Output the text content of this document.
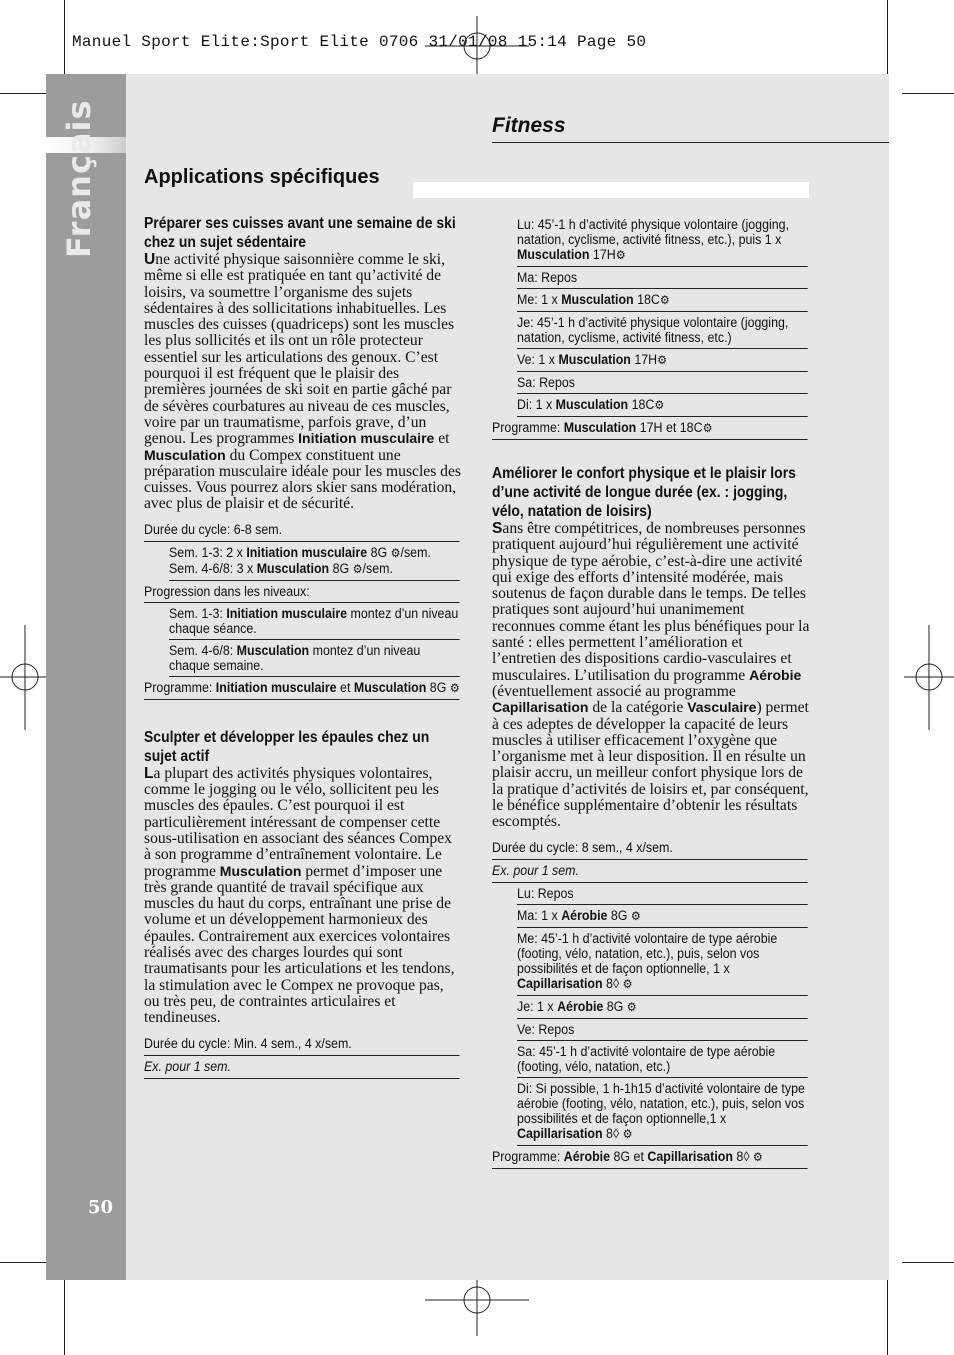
Manuel Sport Elite:Sport Elite 0706 31/01/08 15:14 Page 50
Français
50
Fitness
Applications spécifiques
Préparer ses cuisses avant une semaine de ski chez un sujet sédentaire

Une activité physique saisonnière comme le ski, même si elle est pratiquée en tant qu’activité de loisirs, va soumettre l’organisme des sujets sédentaires à des sollicitations inhabituelles. Les muscles des cuisses (quadriceps) sont les muscles les plus sollicités et ils ont un rôle protecteur essentiel sur les articulations des genoux. C’est pourquoi il est fréquent que le plaisir des premières journées de ski soit en partie gâché par de sévères courbatures au niveau de ces muscles, voire par un traumatisme, parfois grave, d’un genou. Les programmes Initiation musculaire et Musculation du Compex constituent une préparation musculaire idéale pour les muscles des cuisses. Vous pourrez alors skier sans modération, avec plus de plaisir et de sécurité.

Durée du cycle: 6-8 sem.
Sem. 1-3: 2 x Initiation musculaire 8G ⚙/sem.
Sem. 4-6/8: 3 x Musculation 8G ⚙/sem.
Progression dans les niveaux:
Sem. 1-3: Initiation musculaire montez d’un niveau chaque séance.
Sem. 4-6/8: Musculation montez d’un niveau chaque semaine.
Programme: Initiation musculaire et Musculation 8G ⚙
Sculpter et développer les épaules chez un sujet actif

La plupart des activités physiques volontaires, comme le jogging ou le vélo, sollicitent peu les muscles des épaules. C’est pourquoi il est particulièrement intéressant de compenser cette sous-utilisation en associant des séances Compex à son programme d’entraînement volontaire. Le programme Musculation permet d’imposer une très grande quantité de travail spécifique aux muscles du haut du corps, entraînant une prise de volume et un développement harmonieux des épaules. Contrairement aux exercices volontaires réalisés avec des charges lourdes qui sont traumatisants pour les articulations et les tendons, la stimulation avec le Compex ne provoque pas, ou très peu, de contraintes articulaires et tendineuses.

Durée du cycle: Min. 4 sem., 4 x/sem.
Ex. pour 1 sem.
Lu: 45’-1 h d’activité physique volontaire (jogging, natation, cyclisme, activité fitness, etc.), puis 1 x Musculation 17H⚙
Ma: Repos
Me: 1 x Musculation 18C⚙
Je: 45’-1 h d’activité physique volontaire (jogging, natation, cyclisme, activité fitness, etc.)
Ve: 1 x Musculation 17H⚙
Sa: Repos
Di: 1 x Musculation 18C⚙
Programme: Musculation 17H et 18C⚙
Améliorer le confort physique et le plaisir lors d’une activité de longue durée (ex. : jogging, vélo, natation de loisirs)

Sans être compétitrices, de nombreuses personnes pratiquent aujourd’hui régulièrement une activité physique de type aérobie, c’est-à-dire une activité qui exige des efforts d’intensité modérée, mais soutenus de façon durable dans le temps. De telles pratiques sont aujourd’hui unanimement reconnues comme étant les plus bénéfiques pour la santé : elles permettent l’amélioration et l’entretien des dispositions cardio-vasculaires et musculaires. L’utilisation du programme Aérobie (éventuellement associé au programme Capillarisation de la catégorie Vasculaire) permet à ces adeptes de développer la capacité de leurs muscles à utiliser efficacement l’oxygène que l’organisme met à leur disposition. Il en résulte un plaisir accru, un meilleur confort physique lors de la pratique d’activités de loisirs et, par conséquent, le bénéfice supplémentaire d’obtenir les résultats escomptés.

Durée du cycle: 8 sem., 4 x/sem.
Ex. pour 1 sem.
Lu: Repos
Ma: 1 x Aérobie 8G ⚙
Me: 45’-1 h d’activité volontaire de type aérobie (footing, vélo, natation, etc.), puis, selon vos possibilités et de façon optionnelle, 1 x Capillarisation 8◊ ⚙
Je: 1 x Aérobie 8G ⚙
Ve: Repos
Sa: 45’-1 h d’activité volontaire de type aérobie (footing, vélo, natation, etc.)
Di: Si possible, 1 h-1h15 d’activité volontaire de type aérobie (footing, vélo, natation, etc.), puis, selon vos possibilités et de façon optionnelle,1 x Capillarisation 8◊ ⚙
Programme: Aérobie 8G et Capillarisation 8◊ ⚙
